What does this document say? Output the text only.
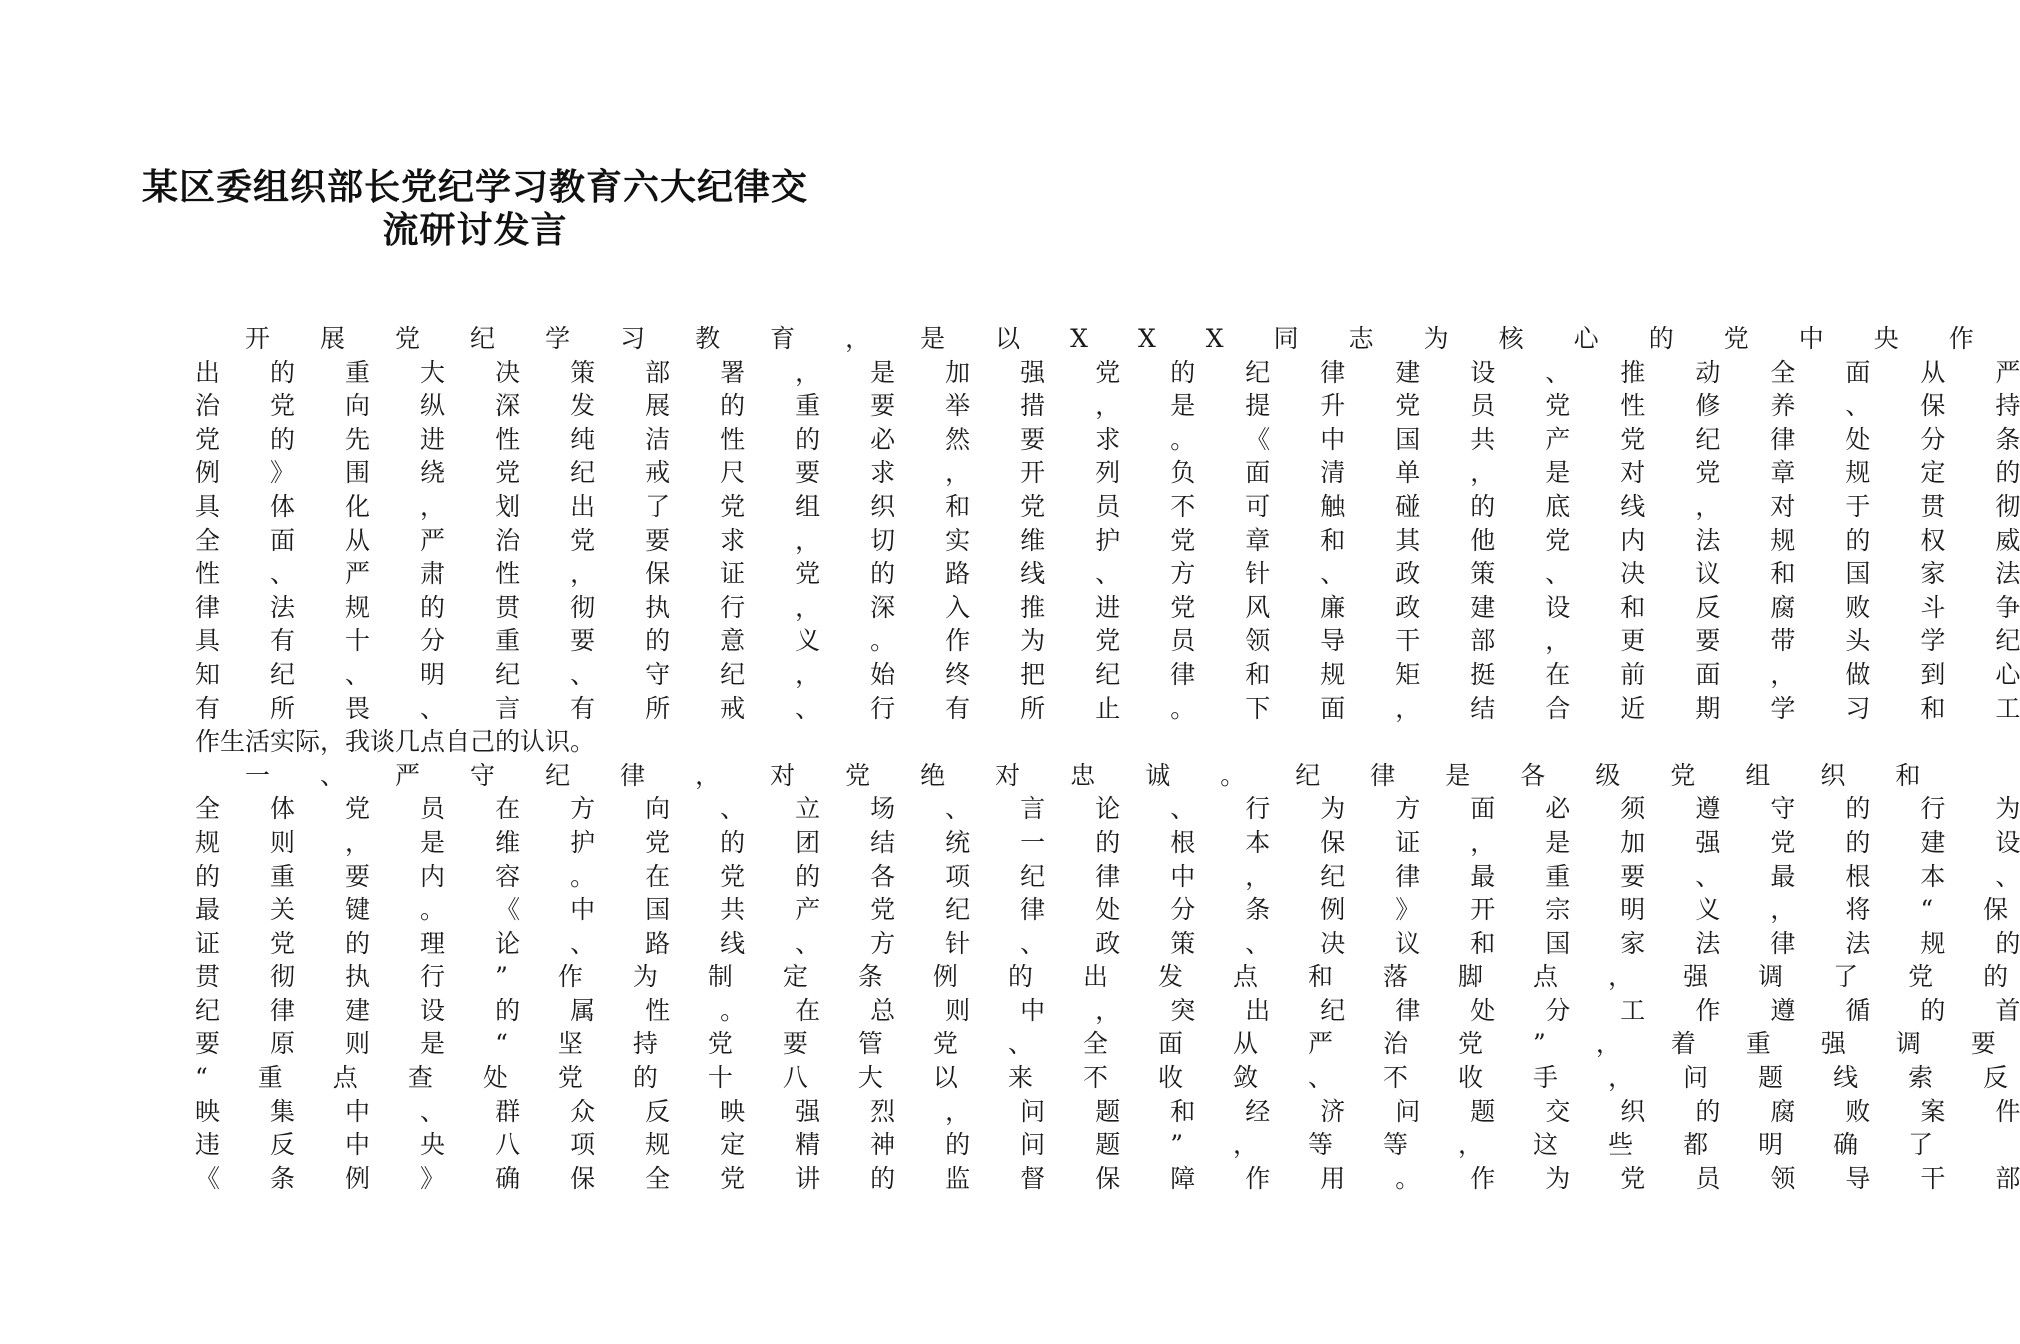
某区委组织部长党纪学习教育六大纪律交
流研讨发言
开	展	党	纪	学	习	教	育	，	是	以	X	X	X	同	志	为	核	心	的	党	中	央	作
出	的	重	大	决	策	部	署	，	是	加	强	党	的	纪	律	建	设	、	推	动	全	面	从	严
治	党	向	纵	深	发	展	的	重	要	举	措	，	是	提	升	党	员	党	性	修	养	、	保	持
党	的	先	进	性	纯	洁	性	的	必	然	要	求	。	《	中	国	共	产	党	纪	律	处	分	条
例	》	围	绕	党	纪	戒	尺	要	求	，	开	列	负	面	清	单	，	是	对	党	章	规	定	的
具	体	化	，	划	出	了	党	组	织	和	党	员	不	可	触	碰	的	底	线	，	对	于	贯	彻
全	面	从	严	治	党	要	求	，	切	实	维	护	党	章	和	其	他	党	内	法	规	的	权	威
性	、	严	肃	性	，	保	证	党	的	路	线	、	方	针	、	政	策	、	决	议	和	国	家	法
律	法	规	的	贯	彻	执	行	，	深	入	推	进	党	风	廉	政	建	设	和	反	腐	败	斗	争
具	有	十	分	重	要	的	意	义	。	作	为	党	员	领	导	干	部	，	更	要	带	头	学	纪
知	纪	、	明	纪	、	守	纪	，	始	终	把	纪	律	和	规	矩	挺	在	前	面	，	做	到	心
有	所	畏	、	言	有	所	戒	、	行	有	所	止	。	下	面	，	结	合	近	期	学	习	和	工
作生活实际，我谈几点自己的认识。
一	、	严	守	纪	律	，	对	党	绝	对	忠	诚	。	纪	律	是	各	级	党	组	织	和
全	体	党	员	在	方	向	、	立	场	、	言	论	、	行	为	方	面	必	须	遵	守	的	行	为
规	则	，	是	维	护	党	的	团	结	统	一	的	根	本	保	证	，	是	加	强	党	的	建	设
的	重	要	内	容	。	在	党	的	各	项	纪	律	中	，	纪	律	最	重	要	、	最	根	本	、
最	关	键	。	《	中	国	共	产	党	纪	律	处	分	条	例	》	开	宗	明	义	，	将	“	保
证	党	的	理	论	、	路	线	、	方	针	、	政	策	、	决	议	和	国	家	法	律	法	规	的
贯	彻	执	行	”	作	为	制	定	条	例	的	出	发	点	和	落	脚	点	，	强	调	了	党	的
纪	律	建	设	的	属	性	。	在	总	则	中	，	突	出	纪	律	处	分	工	作	遵	循	的	首
要	原	则	是	“	坚	持	党	要	管	党	、	全	面	从	严	治	党	”	，	着	重	强	调	要
“	重	点	查	处	党	的	十	八	大	以	来	不	收	敛	、	不	收	手	，	问	题	线	索	反
映	集	中	、	群	众	反	映	强	烈	，	问	题	和	经	济	问	题	交	织	的	腐	败	案	件
违	反	中	央	八	项	规	定	精	神	的	问	题	”	，	等	等	，	这	些	都	明	确	了
《	条	例	》	确	保	全	党	讲	的	监	督	保	障	作	用	。	作	为	党	员	领	导	干	部
